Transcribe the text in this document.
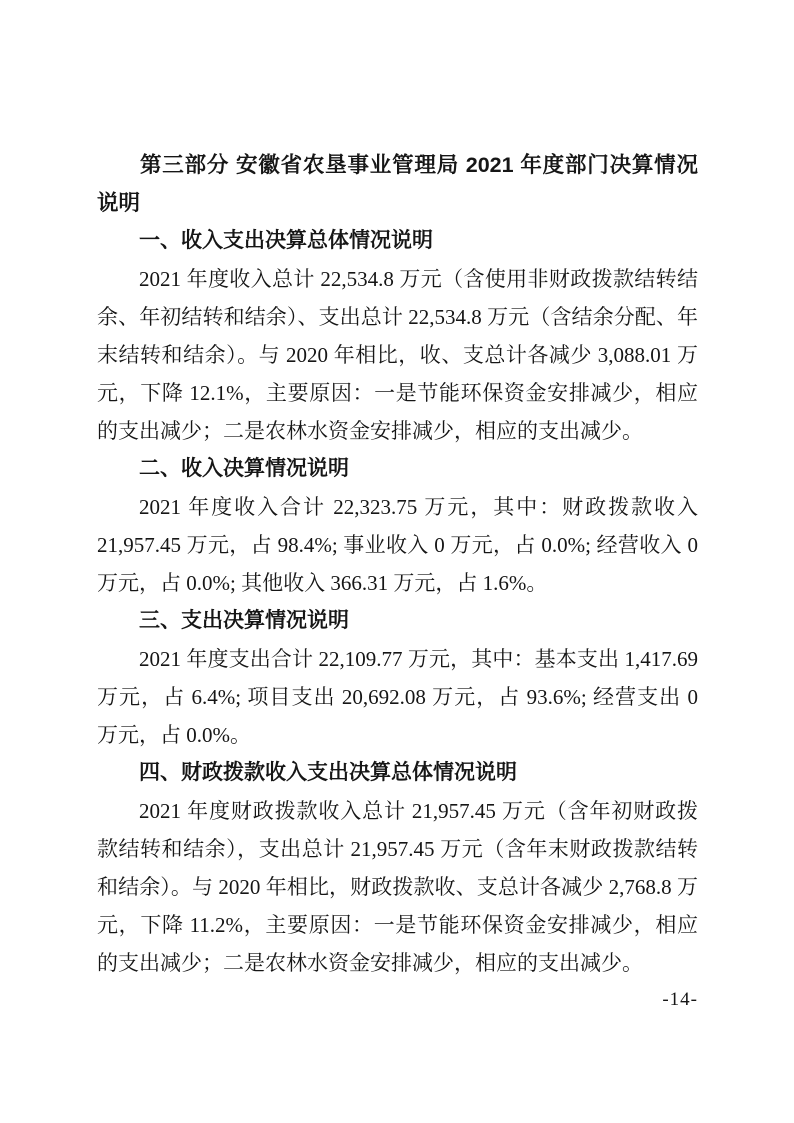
第三部分 安徽省农垦事业管理局 2021 年度部门决算情况说明
一、收入支出决算总体情况说明
2021 年度收入总计 22,534.8 万元（含使用非财政拨款结转结余、年初结转和结余）、支出总计 22,534.8 万元（含结余分配、年末结转和结余）。与 2020 年相比，收、支总计各减少 3,088.01 万元，下降 12.1%，主要原因：一是节能环保资金安排减少，相应的支出减少；二是农林水资金安排减少，相应的支出减少。
二、收入决算情况说明
2021 年度收入合计 22,323.75 万元，其中：财政拨款收入 21,957.45 万元，占 98.4%; 事业收入 0 万元，占 0.0%; 经营收入 0 万元，占 0.0%; 其他收入 366.31 万元，占 1.6%。
三、支出决算情况说明
2021 年度支出合计 22,109.77 万元，其中：基本支出 1,417.69 万元，占 6.4%; 项目支出 20,692.08 万元，占 93.6%; 经营支出 0 万元，占 0.0%。
四、财政拨款收入支出决算总体情况说明
2021 年度财政拨款收入总计 21,957.45 万元（含年初财政拨款结转和结余），支出总计 21,957.45 万元（含年末财政拨款结转和结余）。与 2020 年相比，财政拨款收、支总计各减少 2,768.8 万元，下降 11.2%，主要原因：一是节能环保资金安排减少，相应的支出减少；二是农林水资金安排减少，相应的支出减少。
-14-
